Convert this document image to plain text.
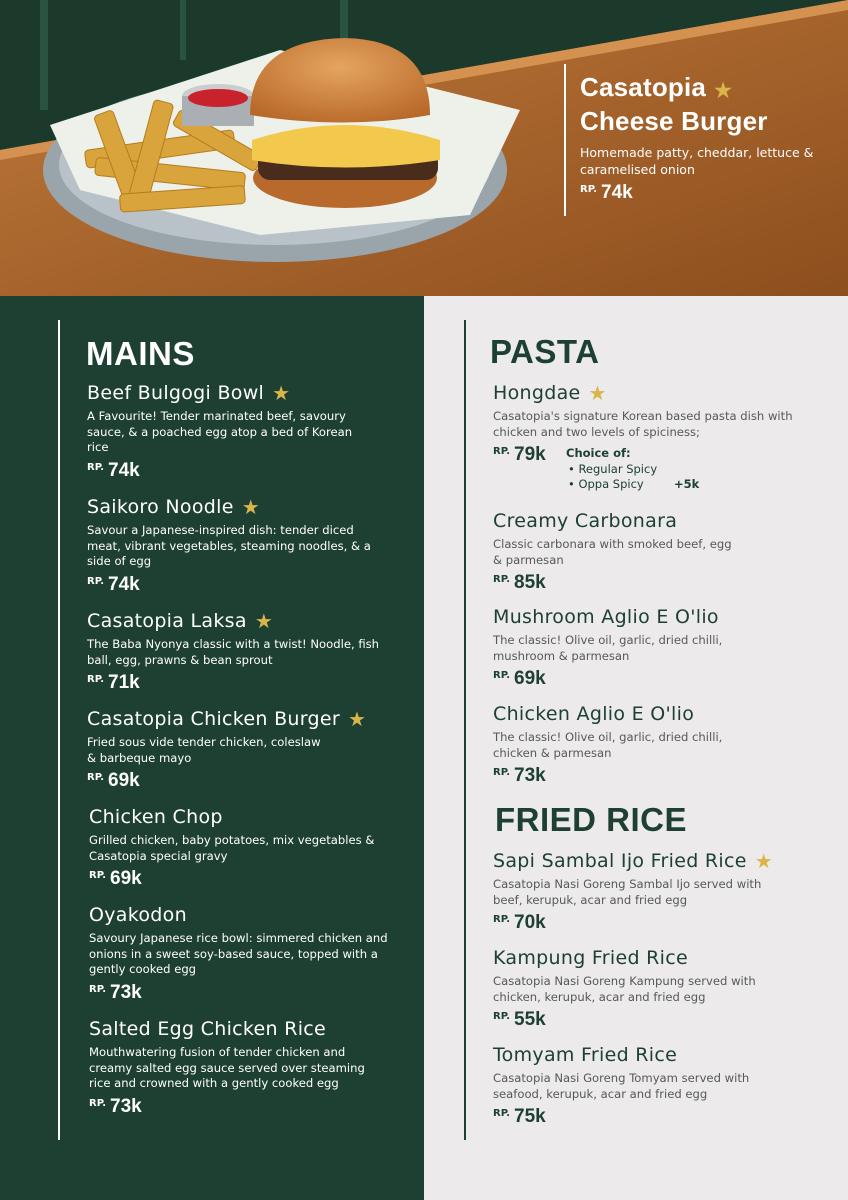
Casatopia ★
Cheese Burger
Homemade patty, cheddar, lettuce & caramelised onion
$^{RP.}$ 74k
MAINS
Beef Bulgogi Bowl ★
A Favourite! Tender marinated beef, savoury sauce, & a poached egg atop a bed of Korean rice
$^{RP.}$ 74k
Saikoro Noodle ★
Savour a Japanese-inspired dish: tender diced meat, vibrant vegetables, steaming noodles, & a side of egg
$^{RP.}$ 74k
Casatopia Laksa ★
The Baba Nyonya classic with a twist! Noodle, fish ball, egg, prawns & bean sprout
$^{RP.}$ 71k
Casatopia Chicken Burger ★
Fried sous vide tender chicken, coleslaw & barbeque mayo
$^{RP.}$ 69k
Chicken Chop
Grilled chicken, baby potatoes, mix vegetables & Casatopia special gravy
$^{RP.}$ 69k
Oyakodon
Savoury Japanese rice bowl: simmered chicken and onions in a sweet soy-based sauce, topped with a gently cooked egg
$^{RP.}$ 73k
Salted Egg Chicken Rice
Mouthwatering fusion of tender chicken and creamy salted egg sauce served over steaming rice and crowned with a gently cooked egg
$^{RP.}$ 73k
PASTA
Hongdae ★
Casatopia's signature Korean based pasta dish with chicken and two levels of spiciness;
$^{RP.}$ 79k	Choice of:
• Regular Spicy
• Oppa Spicy	+5k
Creamy Carbonara
Classic carbonara with smoked beef, egg & parmesan
$^{RP.}$ 85k
Mushroom Aglio E O'lio
The classic! Olive oil, garlic, dried chilli, mushroom & parmesan
$^{RP.}$ 69k
Chicken Aglio E O'lio
The classic! Olive oil, garlic, dried chilli, chicken & parmesan
$^{RP.}$ 73k
FRIED RICE
Sapi Sambal Ijo Fried Rice ★
Casatopia Nasi Goreng Sambal Ijo served with beef, kerupuk, acar and fried egg
$^{RP.}$ 70k
Kampung Fried Rice
Casatopia Nasi Goreng Kampung served with chicken, kerupuk, acar and fried egg
$^{RP.}$ 55k
Tomyam Fried Rice
Casatopia Nasi Goreng Tomyam served with seafood, kerupuk, acar and fried egg
$^{RP.}$ 75k
